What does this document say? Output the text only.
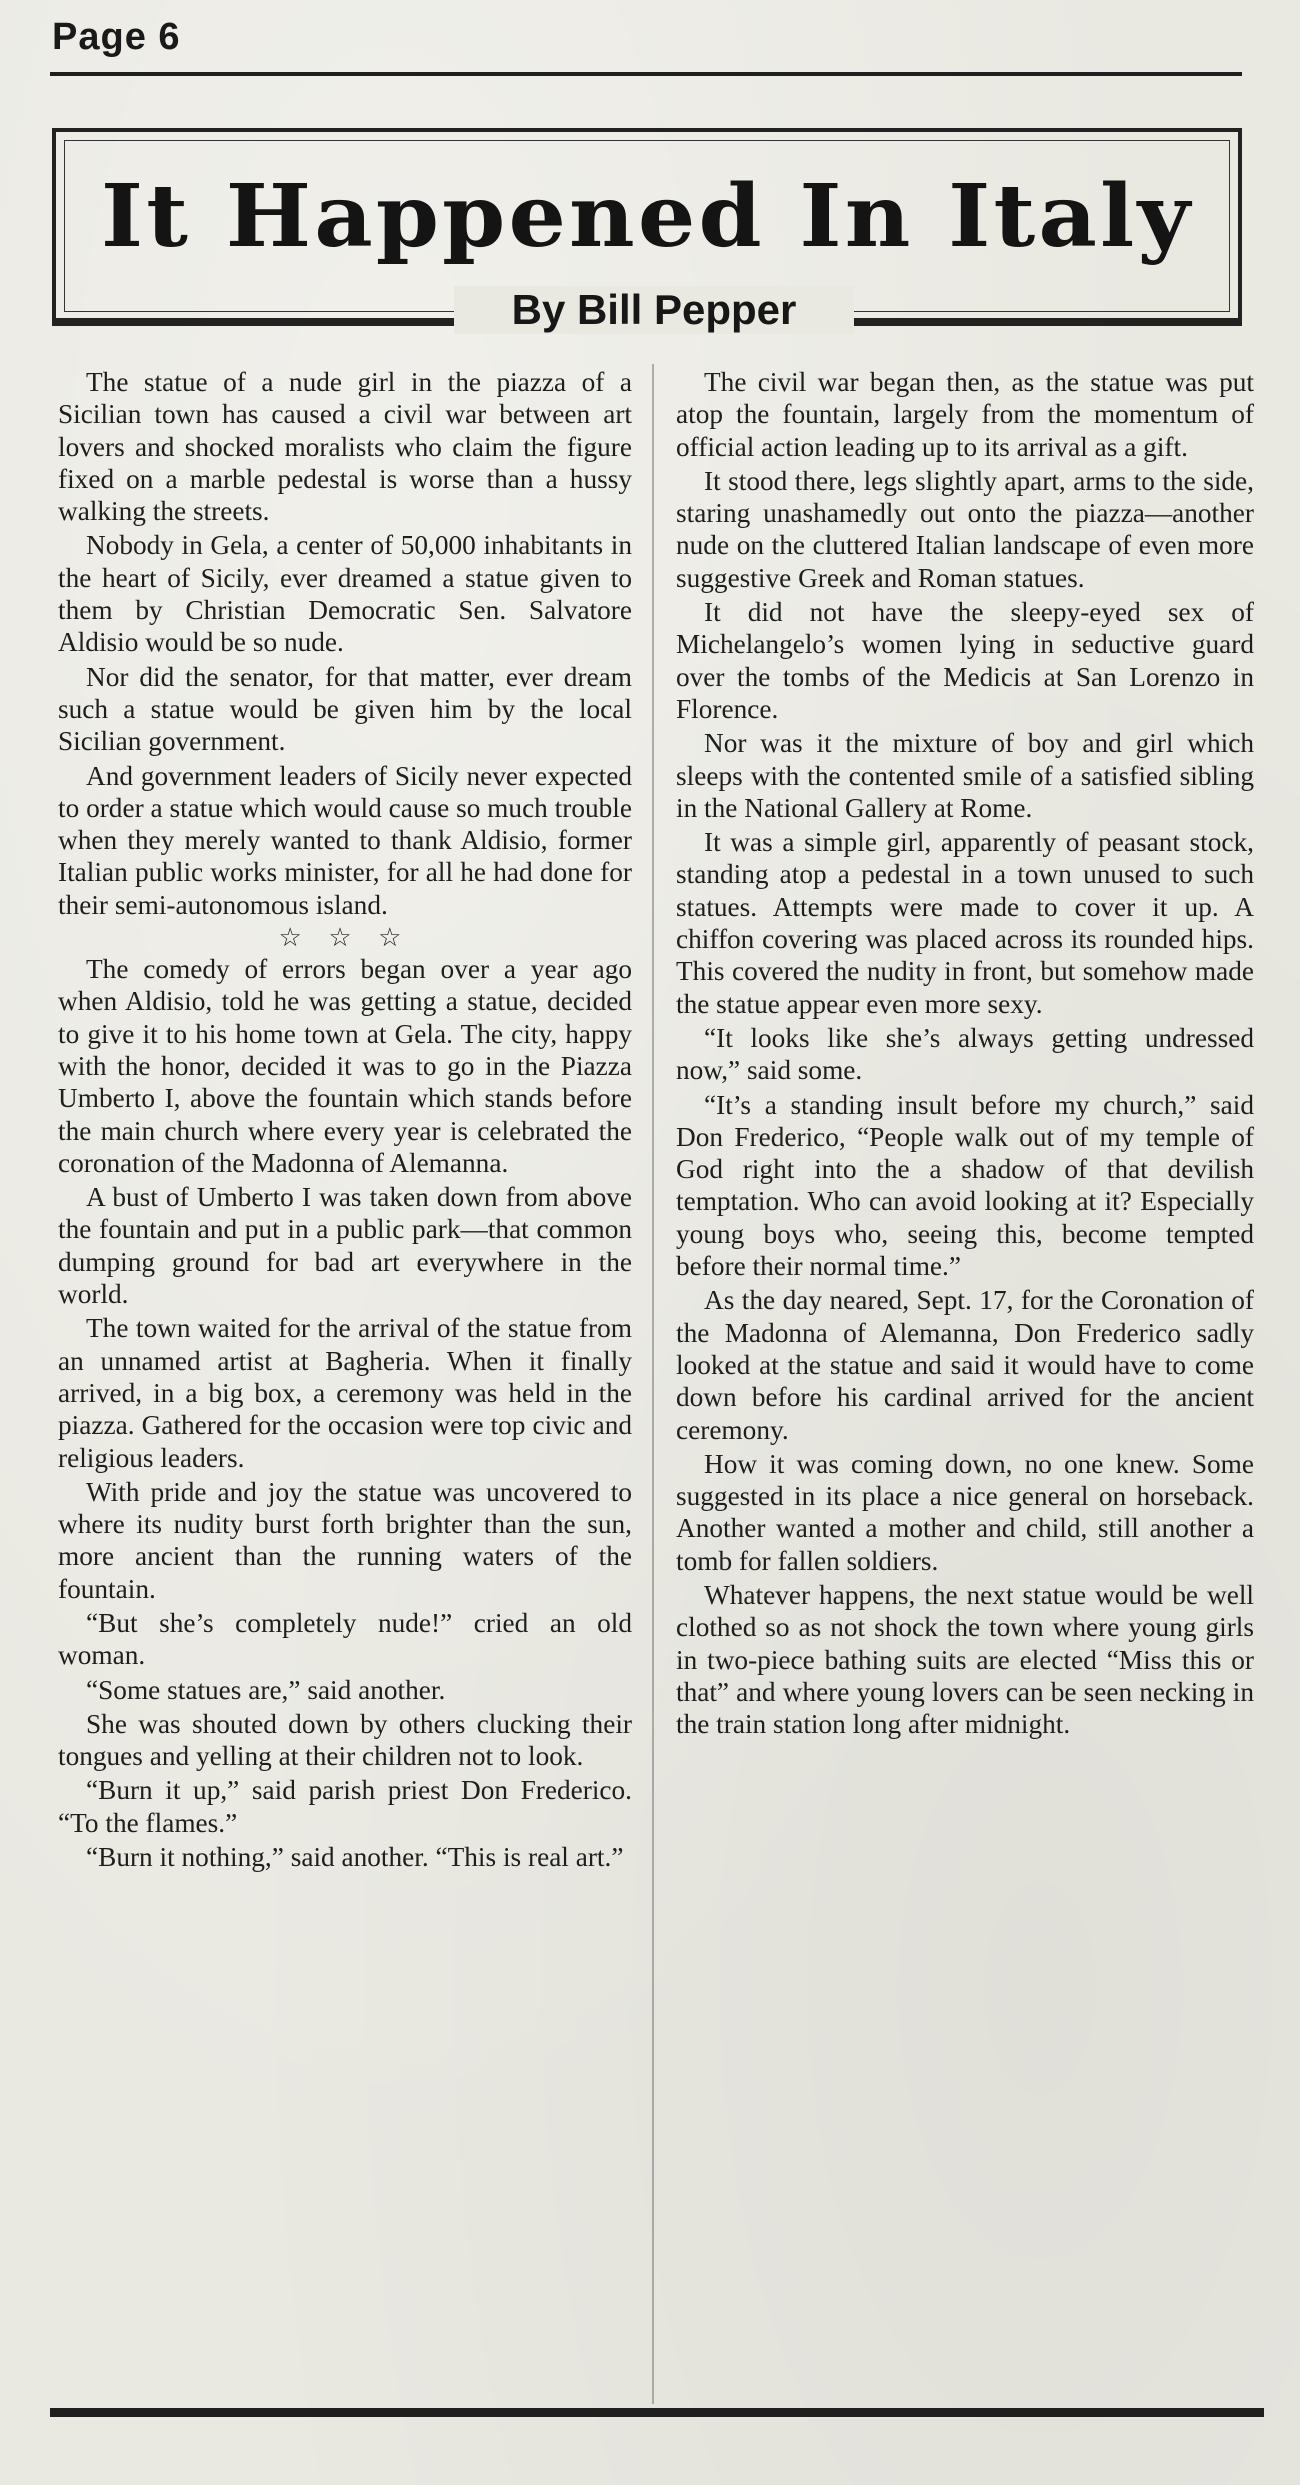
Page 6
It Happened In Italy
By Bill Pepper

The statue of a nude girl in the piazza of a Sicilian town has caused a civil war between art lovers and shocked moralists who claim the figure fixed on a marble pedestal is worse than a hussy walking the streets.

Nobody in Gela, a center of 50,000 inhabitants in the heart of Sicily, ever dreamed a statue given to them by Christian Democratic Sen. Salvatore Aldisio would be so nude.

Nor did the senator, for that matter, ever dream such a statue would be given him by the local Sicilian government.

And government leaders of Sicily never expected to order a statue which would cause so much trouble when they merely wanted to thank Aldisio, former Italian public works minister, for all he had done for their semi-autonomous island.

☆ ☆ ☆

The comedy of errors began over a year ago when Aldisio, told he was getting a statue, decided to give it to his home town at Gela. The city, happy with the honor, decided it was to go in the Piazza Umberto I, above the fountain which stands before the main church where every year is celebrated the coronation of the Madonna of Alemanna.

A bust of Umberto I was taken down from above the fountain and put in a public park—that common dumping ground for bad art everywhere in the world.

The town waited for the arrival of the statue from an unnamed artist at Bagheria. When it finally arrived, in a big box, a ceremony was held in the piazza. Gathered for the occasion were top civic and religious leaders.

With pride and joy the statue was uncovered to where its nudity burst forth brighter than the sun, more ancient than the running waters of the fountain.

“But she’s completely nude!” cried an old woman.

“Some statues are,” said another.

She was shouted down by others clucking their tongues and yelling at their children not to look.

“Burn it up,” said parish priest Don Frederico. “To the flames.”

“Burn it nothing,” said another. “This is real art.”

The civil war began then, as the statue was put atop the fountain, largely from the momentum of official action leading up to its arrival as a gift.

It stood there, legs slightly apart, arms to the side, staring unashamedly out onto the piazza—another nude on the cluttered Italian landscape of even more suggestive Greek and Roman statues.

It did not have the sleepy-eyed sex of Michelangelo’s women lying in seductive guard over the tombs of the Medicis at San Lorenzo in Florence.

Nor was it the mixture of boy and girl which sleeps with the contented smile of a satisfied sibling in the National Gallery at Rome.

It was a simple girl, apparently of peasant stock, standing atop a pedestal in a town unused to such statues. Attempts were made to cover it up. A chiffon covering was placed across its rounded hips. This covered the nudity in front, but somehow made the statue appear even more sexy.

“It looks like she’s always getting undressed now,” said some.

“It’s a standing insult before my church,” said Don Frederico, “People walk out of my temple of God right into the a shadow of that devilish temptation. Who can avoid looking at it? Especially young boys who, seeing this, become tempted before their normal time.”

As the day neared, Sept. 17, for the Coronation of the Madonna of Alemanna, Don Frederico sadly looked at the statue and said it would have to come down before his cardinal arrived for the ancient ceremony.

How it was coming down, no one knew. Some suggested in its place a nice general on horseback. Another wanted a mother and child, still another a tomb for fallen soldiers.

Whatever happens, the next statue would be well clothed so as not shock the town where young girls in two-piece bathing suits are elected “Miss this or that” and where young lovers can be seen necking in the train station long after midnight.
